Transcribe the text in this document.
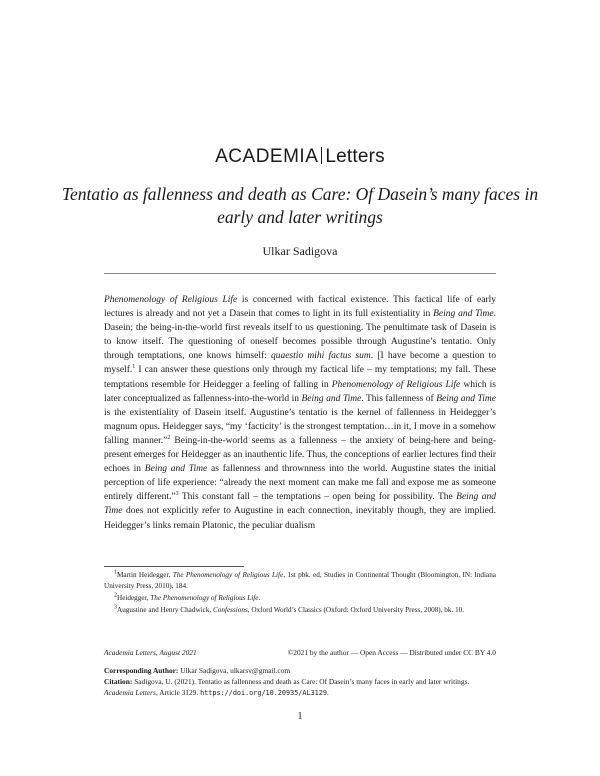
ACADEMIA Letters
Tentatio as fallenness and death as Care: Of Dasein’s many faces in early and later writings
Ulkar Sadigova

Phenomenology of Religious Life is concerned with factical existence. This factical life of early lectures is already and not yet a Dasein that comes to light in its full existentiality in Being and Time. Dasein; the being-in-the-world first reveals itself to us questioning. The penultimate task of Dasein is to know itself. The questioning of oneself becomes possible through Augustine’s tentatio. Only through temptations, one knows himself: quaestio mihi factus sum. [I have become a question to myself.$^1$ I can answer these questions only through my factical life – my temptations; my fall. These temptations resemble for Heidegger a feeling of falling in Phenomenology of Religious Life which is later conceptualized as fallenness-into-the-world in Being and Time. This fallenness of Being and Time is the existentiality of Dasein itself. Augustine’s tentatio is the kernel of fallenness in Heidegger’s magnum opus. Heidegger says, “my ‘facticity’ is the strongest temptation…in it, I move in a somehow falling manner.”$^2$ Being-in-the-world seems as a fallenness – the anxiety of being-here and being-present emerges for Heidegger as an inauthentic life. Thus, the conceptions of earlier lectures find their echoes in Being and Time as fallenness and thrownness into the world. Augustine states the initial perception of life experience: “already the next moment can make me fall and expose me as someone entirely different.”$^3$ This constant fall – the temptations – open being for possibility. The Being and Time does not explicitly refer to Augustine in each connection, inevitably though, they are implied. Heidegger’s links remain Platonic, the peculiar dualism

$^1$Martin Heidegger, The Phenomenology of Religious Life, 1st pbk. ed, Studies in Continental Thought (Bloomington, IN: Indiana University Press, 2010), 184.
$^2$Heidegger, The Phenomenology of Religious Life.
$^3$Augustine and Henry Chadwick, Confessions, Oxford World’s Classics (Oxford: Oxford University Press, 2008), bk. 10.
Academia Letters, August 2021	©2021 by the author — Open Access — Distributed under CC BY 4.0
Corresponding Author: Ulkar Sadigova, ulkarsv@gmail.com
Citation: Sadigova, U. (2021). Tentatio as fallenness and death as Care: Of Dasein’s many faces in early and later writings. Academia Letters, Article 3129. https://doi.org/10.20935/AL3129.
1
